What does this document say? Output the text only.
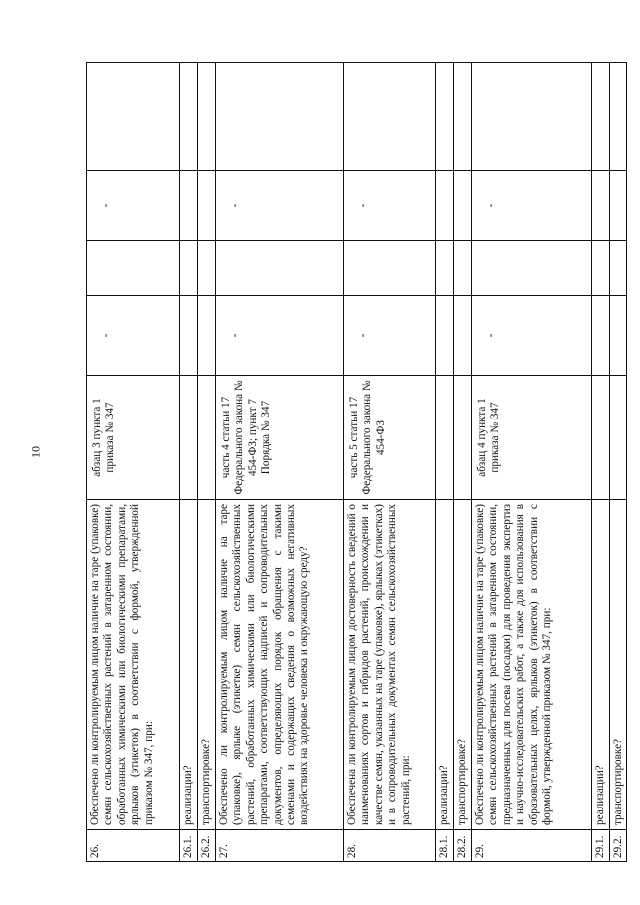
10
26.
Обеспечено ли контролируемым лицом наличие на таре (упаковке) семян сельскохозяйственных растений в затаренном состоянии, обработанных химическими или биологическими препаратами, ярлыков (этикеток) в соответствии с формой, утвержденной приказом № 347, при:
абзац 3 пункта 1 приказа № 347
-
-
26.1.
реализации?
26.2.
транспортировке?
27.
Обеспечено ли контролируемым лицом наличие на таре (упаковке), ярлыке (этикетке) семян сельскохозяйственных растений, обработанных химическими или биологическими препаратами, соответствующих надписей и сопроводительных документов, определяющих порядок обращения с такими семенами и содержащих сведения о возможных негативных воздействиях на здоровье человека и окружающую среду?
часть 4 статьи 17 Федерального закона № 454-ФЗ; пункт 7 Порядка № 347
-
-
28.
Обеспечена ли контролируемым лицом достоверность сведений о наименованиях сортов и гибридов растений, происхождении и качестве семян, указанных на таре (упаковке), ярлыках (этикетках) и в сопроводительных документах семян сельскохозяйственных растений, при:
часть 5 статьи 17 Федерального закона № 454-ФЗ
-
-
28.1.
реализации?
28.2.
транспортировке?
29.
Обеспечено ли контролируемым лицом наличие на таре (упаковке) семян сельскохозяйственных растений в затаренном состоянии, предназначенных для посева (посадки) для проведения экспертиз и научно-исследовательских работ, а также для использования в образовательных целях, ярлыков (этикеток) в соответствии с формой, утвержденной приказом № 347, при:
абзац 4 пункта 1 приказа № 347
-
-
29.1.
реализации?
29.2.
транспортировке?
